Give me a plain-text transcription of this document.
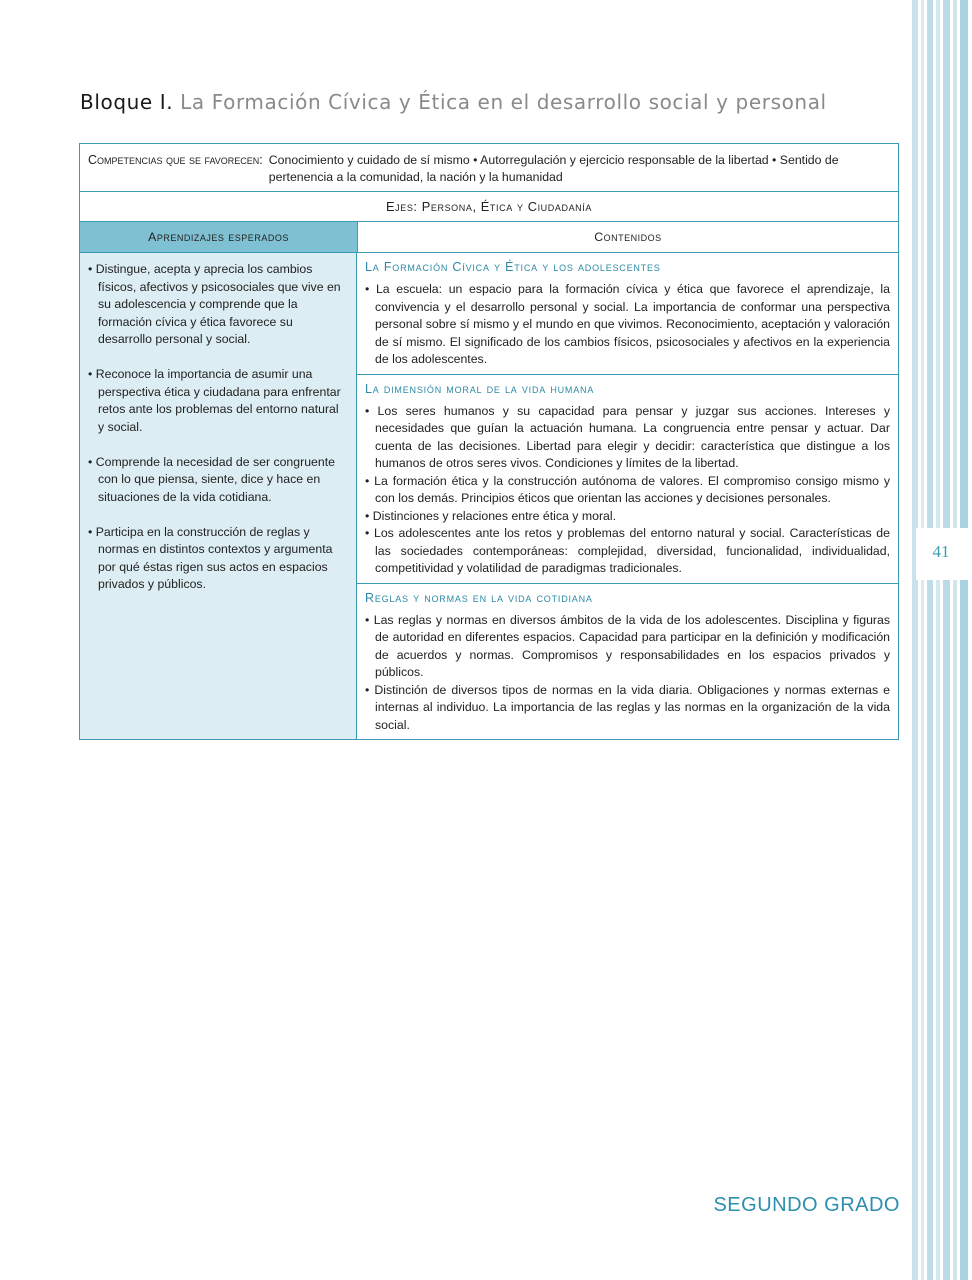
41
Bloque I. La Formación Cívica y Ética en el desarrollo social y personal
Competencias que se favorecen: Conocimiento y cuidado de sí mismo • Autorregulación y ejercicio responsable de la libertad • Sentido de pertenencia a la comunidad, la nación y la humanidad
Ejes: Persona, Ética y Ciudadanía
Aprendizajes esperados	Contenidos
• Distingue, acepta y aprecia los cambios físicos, afectivos y psicosociales que vive en su adolescencia y comprende que la formación cívica y ética favorece su desarrollo personal y social.
• Reconoce la importancia de asumir una perspectiva ética y ciudadana para enfrentar retos ante los problemas del entorno natural y social.
• Comprende la necesidad de ser congruente con lo que piensa, siente, dice y hace en situaciones de la vida cotidiana.
• Participa en la construcción de reglas y normas en distintos contextos y argumenta por qué éstas rigen sus actos en espacios privados y públicos.
La Formación Cívica y Ética y los adolescentes
• La escuela: un espacio para la formación cívica y ética que favorece el aprendizaje, la convivencia y el desarrollo personal y social. La importancia de conformar una perspectiva personal sobre sí mismo y el mundo en que vivimos. Reconocimiento, aceptación y valoración de sí mismo. El significado de los cambios físicos, psicosociales y afectivos en la experiencia de los adolescentes.
La dimensión moral de la vida humana
• Los seres humanos y su capacidad para pensar y juzgar sus acciones. Intereses y necesidades que guían la actuación humana. La congruencia entre pensar y actuar. Dar cuenta de las decisiones. Libertad para elegir y decidir: característica que distingue a los humanos de otros seres vivos. Condiciones y límites de la libertad.
• La formación ética y la construcción autónoma de valores. El compromiso consigo mismo y con los demás. Principios éticos que orientan las acciones y decisiones personales.
• Distinciones y relaciones entre ética y moral.
• Los adolescentes ante los retos y problemas del entorno natural y social. Características de las sociedades contemporáneas: complejidad, diversidad, funcionalidad, individualidad, competitividad y volatilidad de paradigmas tradicionales.
Reglas y normas en la vida cotidiana
• Las reglas y normas en diversos ámbitos de la vida de los adolescentes. Disciplina y figuras de autoridad en diferentes espacios. Capacidad para participar en la definición y modificación de acuerdos y normas. Compromisos y responsabilidades en los espacios privados y públicos.
• Distinción de diversos tipos de normas en la vida diaria. Obligaciones y normas externas e internas al individuo. La importancia de las reglas y las normas en la organización de la vida social.
SEGUNDO GRADO
